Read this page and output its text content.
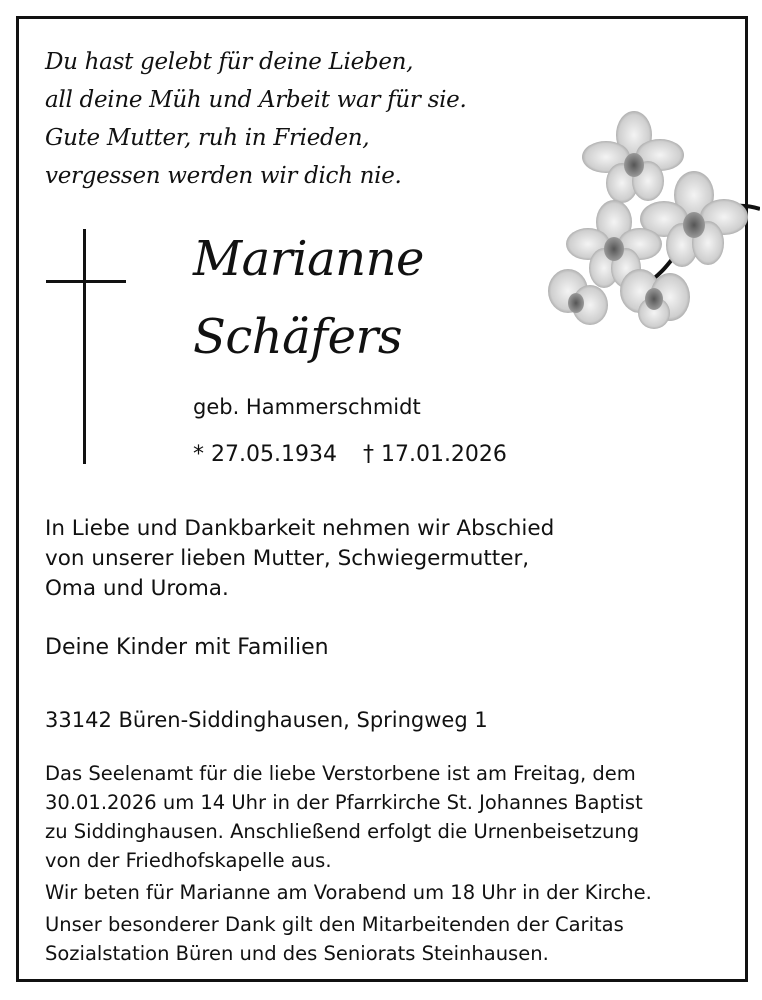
Du hast gelebt für deine Lieben,
all deine Müh und Arbeit war für sie.
Gute Mutter, ruh in Frieden,
vergessen werden wir dich nie.
Marianne
Schäfers
geb. Hammerschmidt
* 27.05.1934 † 17.01.2026
In Liebe und Dankbarkeit nehmen wir Abschied
von unserer lieben Mutter, Schwiegermutter,
Oma und Uroma.
Deine Kinder mit Familien
33142 Büren-Siddinghausen, Springweg 1
Das Seelenamt für die liebe Verstorbene ist am Freitag, dem
30.01.2026 um 14 Uhr in der Pfarrkirche St. Johannes Baptist
zu Siddinghausen. Anschließend erfolgt die Urnenbeisetzung
von der Friedhofskapelle aus.
Wir beten für Marianne am Vorabend um 18 Uhr in der Kirche.
Unser besonderer Dank gilt den Mitarbeitenden der Caritas
Sozialstation Büren und des Seniorats Steinhausen.
